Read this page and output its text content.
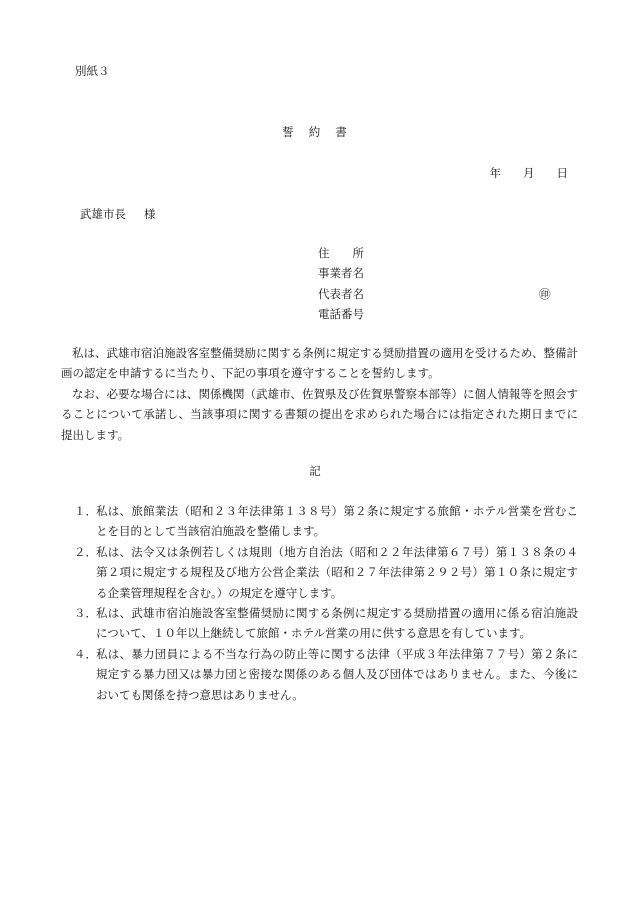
別紙３
誓 約 書
年 月 日
武雄市長 様
住　　所
事業者名
代表者名	㊞
電話番号

私は、武雄市宿泊施設客室整備奨励に関する条例に規定する奨励措置の適用を受けるため、整備計画の認定を申請するに当たり、下記の事項を遵守することを誓約します。

なお、必要な場合には、関係機関（武雄市、佐賀県及び佐賀県警察本部等）に個人情報等を照会することについて承諾し、当該事項に関する書類の提出を求められた場合には指定された期日までに提出します。

記
１． 私は、旅館業法（昭和２３年法律第１３８号）第２条に規定する旅館・ホテル営業を営むことを目的として当該宿泊施設を整備します。
２． 私は、法令又は条例若しくは規則（地方自治法（昭和２２年法律第６７号）第１３８条の４第２項に規定する規程及び地方公営企業法（昭和２７年法律第２９２号）第１０条に規定する企業管理規程を含む。）の規定を遵守します。
３． 私は、武雄市宿泊施設客室整備奨励に関する条例に規定する奨励措置の適用に係る宿泊施設について、１０年以上継続して旅館・ホテル営業の用に供する意思を有しています。
４． 私は、暴力団員による不当な行為の防止等に関する法律（平成３年法律第７７号）第２条に規定する暴力団又は暴力団と密接な関係のある個人及び団体ではありません。また、今後においても関係を持つ意思はありません。
